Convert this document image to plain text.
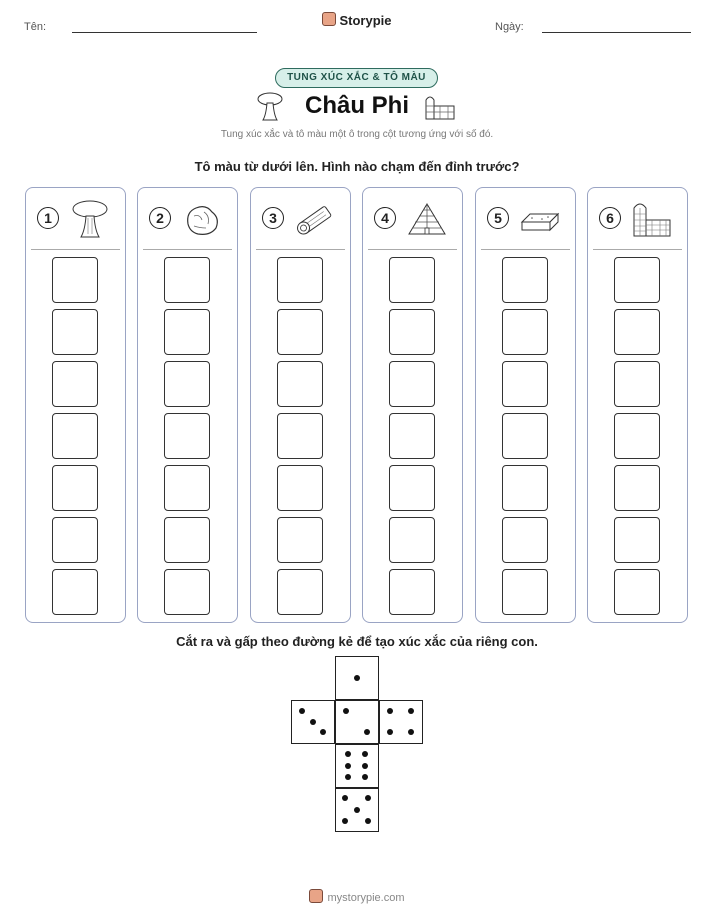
Tên:	Storypie	Ngày:
TUNG XÚC XẮC & TÔ MÀU
Châu Phi
Tung xúc xắc và tô màu một ô trong cột tương ứng với số đó.
Tô màu từ dưới lên. Hình nào chạm đến đỉnh trước?
1	2	3	4	5	6
Cắt ra và gấp theo đường kẻ để tạo xúc xắc của riêng con.
mystorypie.com
